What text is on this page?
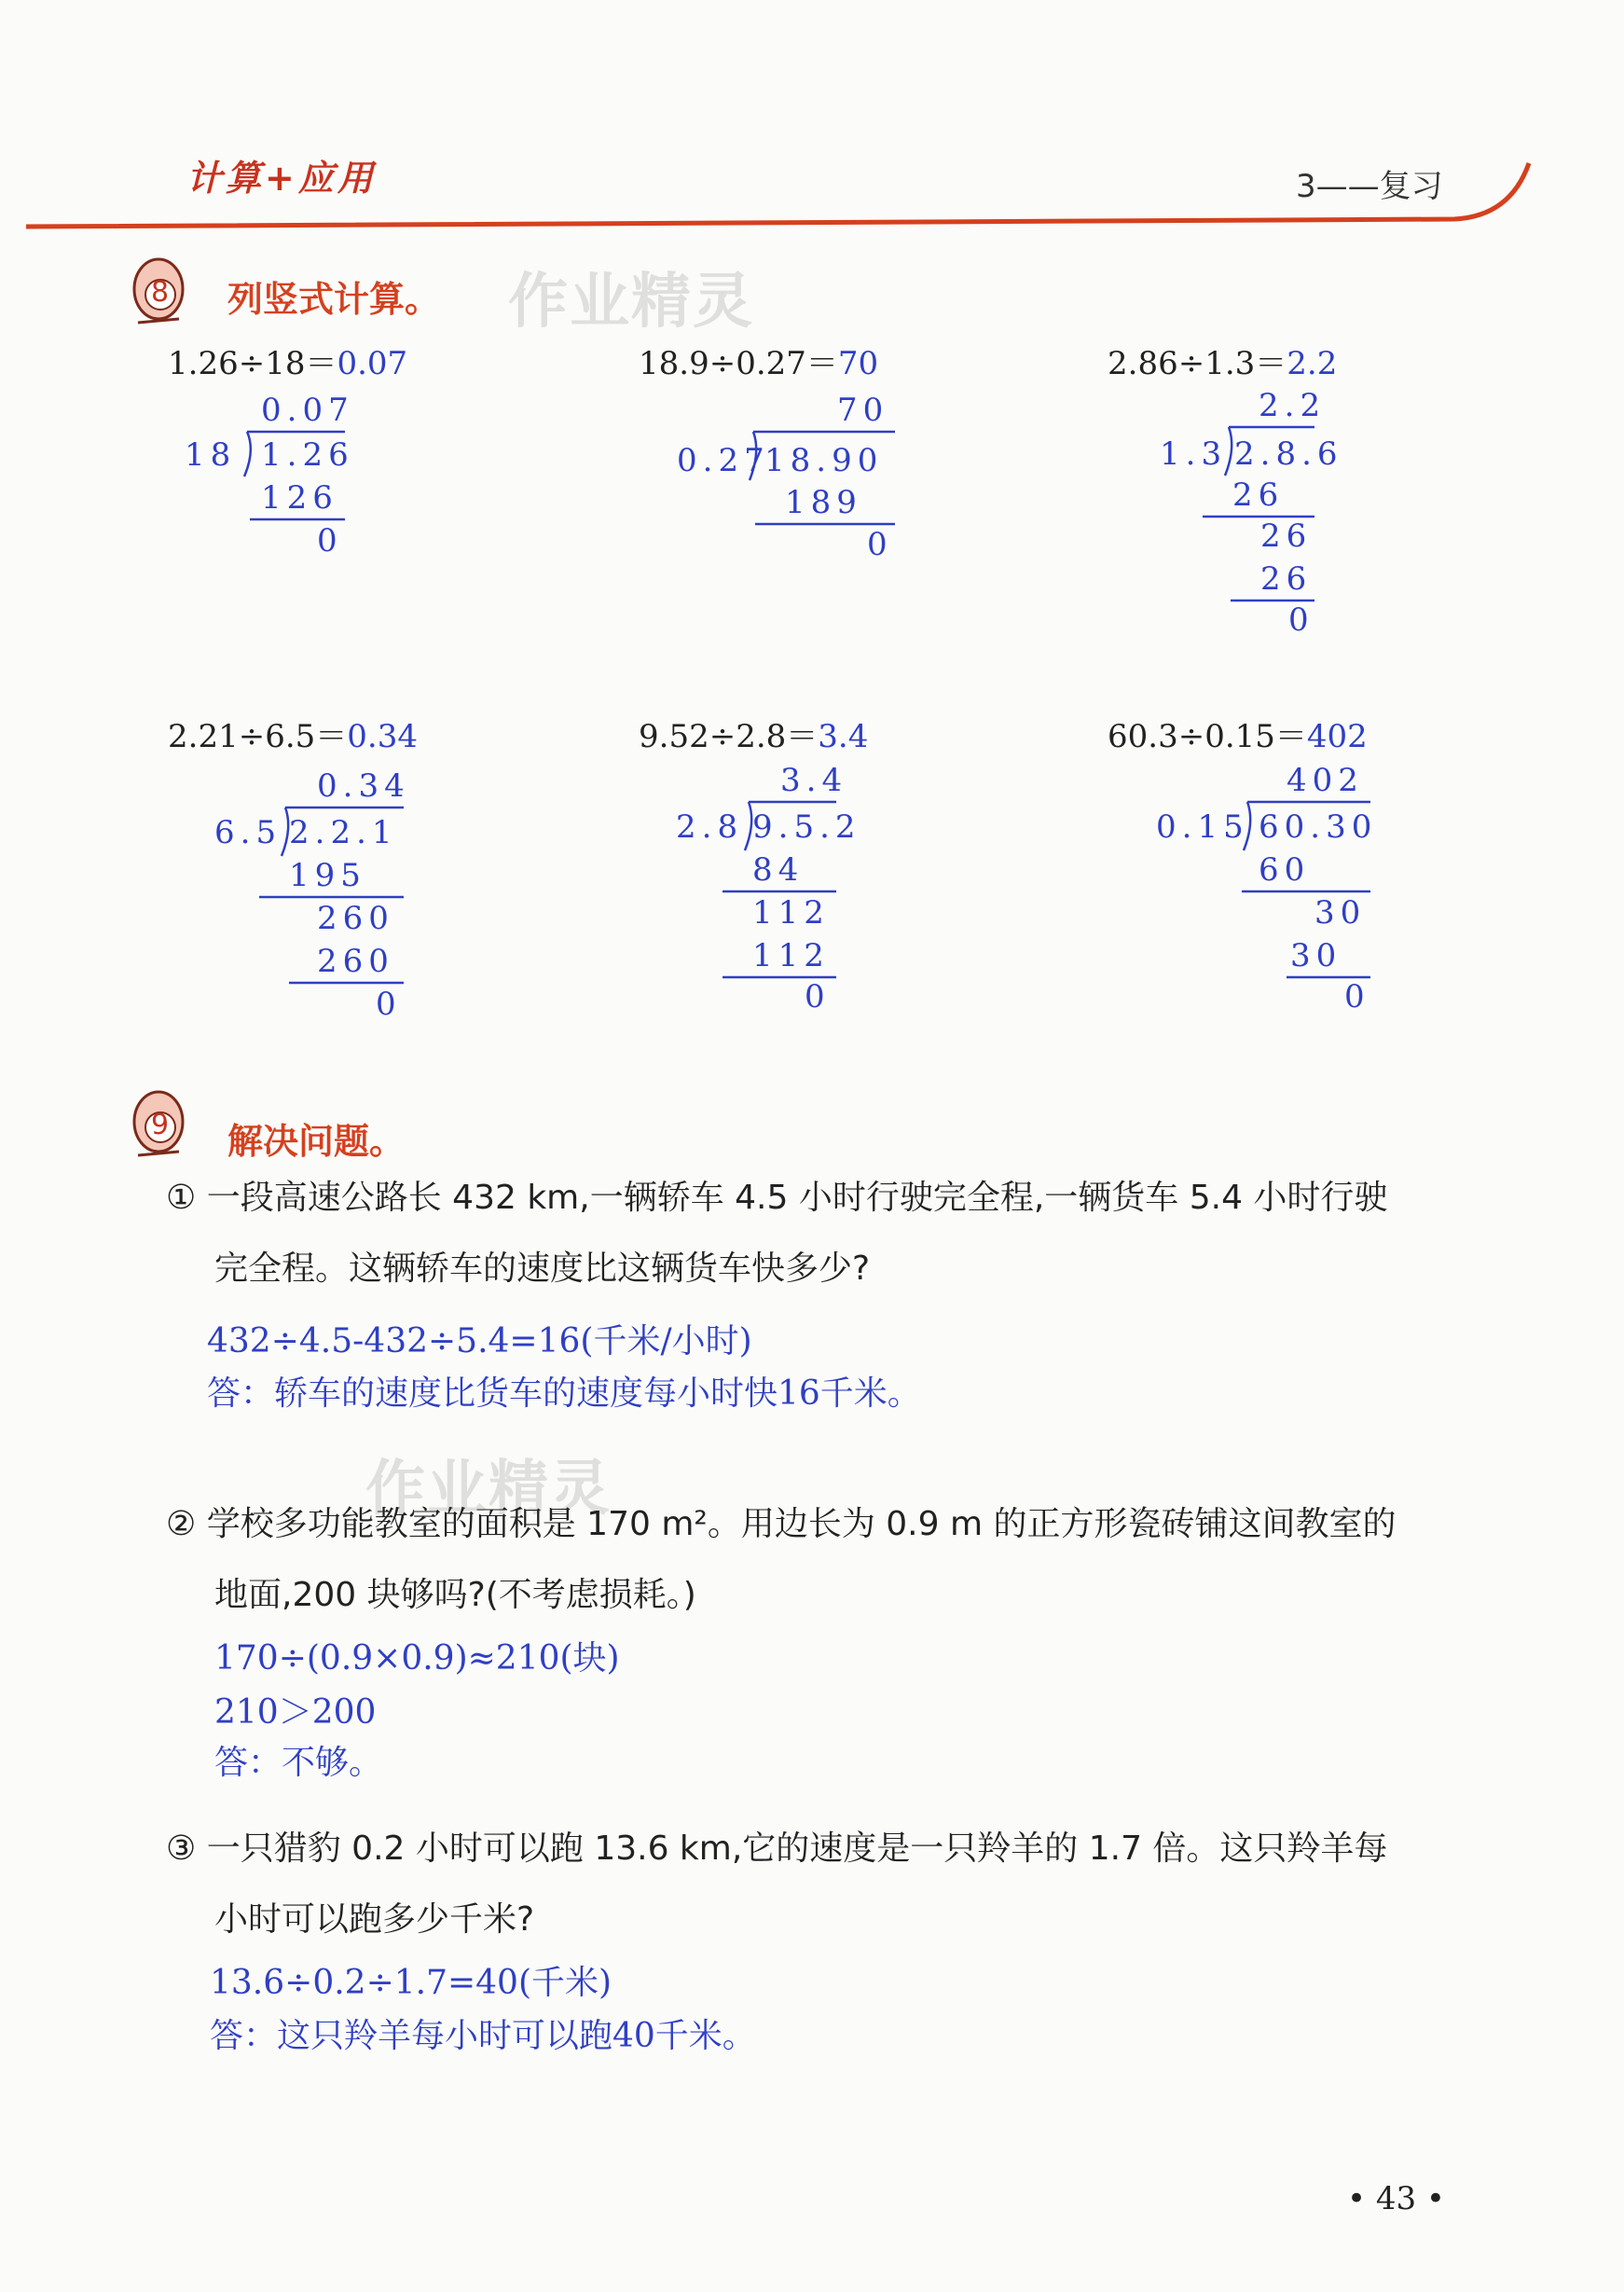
计算+应用	3——复习
8 列竖式计算。 作业精灵
1.26÷18＝0.07	18.9÷0.27＝70	2.86÷1.3＝2.2
0.07
18 1.26
126
0
70
0.27
18.90
189
0
2.2
1.3 2.8.6
26
26
26
0
2.21÷6.5＝0.34	9.52÷2.8＝3.4	60.3÷0.15＝402
0.34
6.5 2.2.1
195
260
260
0
3.4
2.8 9.5.2
84
112
112
0
402
0.15 60.30
60
30
30
0
9 解决问题。
① 一段高速公路长 432 km,一辆轿车 4.5 小时行驶完全程,一辆货车 5.4 小时行驶
完全程。这辆轿车的速度比这辆货车快多少?
432÷4.5-432÷5.4=16(千米/小时)
答：轿车的速度比货车的速度每小时快16千米。
作业精灵
② 学校多功能教室的面积是 170 m²。用边长为 0.9 m 的正方形瓷砖铺这间教室的
地面,200 块够吗?(不考虑损耗。)
170÷(0.9×0.9)≈210(块)
210＞200
答：不够。
③ 一只猎豹 0.2 小时可以跑 13.6 km,它的速度是一只羚羊的 1.7 倍。这只羚羊每
小时可以跑多少千米?
13.6÷0.2÷1.7=40(千米)
答：这只羚羊每小时可以跑40千米。
• 43 •
